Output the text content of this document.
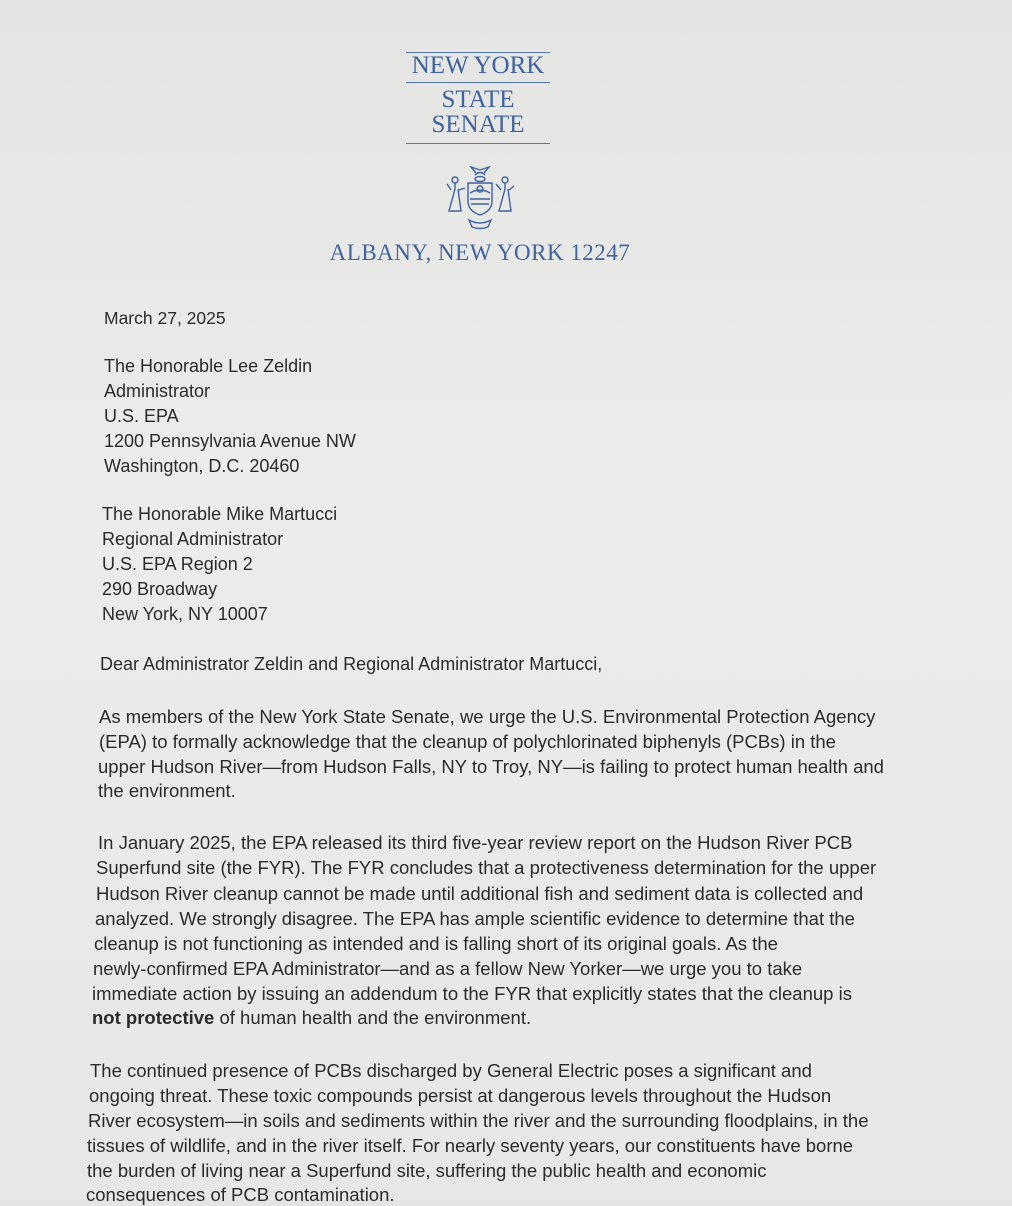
NEW YORK
STATE
SENATE
ALBANY, NEW YORK 12247
March 27, 2025
The Honorable Lee Zeldin
Administrator
U.S. EPA
1200 Pennsylvania Avenue NW
Washington, D.C. 20460
The Honorable Mike Martucci
Regional Administrator
U.S. EPA Region 2
290 Broadway
New York, NY 10007
Dear Administrator Zeldin and Regional Administrator Martucci,
As members of the New York State Senate, we urge the U.S. Environmental Protection Agency
(EPA) to formally acknowledge that the cleanup of polychlorinated biphenyls (PCBs) in the
upper Hudson River—from Hudson Falls, NY to Troy, NY—is failing to protect human health and
the environment.
In January 2025, the EPA released its third five-year review report on the Hudson River PCB
Superfund site (the FYR). The FYR concludes that a protectiveness determination for the upper
Hudson River cleanup cannot be made until additional fish and sediment data is collected and
analyzed. We strongly disagree. The EPA has ample scientific evidence to determine that the
cleanup is not functioning as intended and is falling short of its original goals. As the
newly-confirmed EPA Administrator—and as a fellow New Yorker—we urge you to take
immediate action by issuing an addendum to the FYR that explicitly states that the cleanup is
not protective of human health and the environment.
The continued presence of PCBs discharged by General Electric poses a significant and
ongoing threat. These toxic compounds persist at dangerous levels throughout the Hudson
River ecosystem—in soils and sediments within the river and the surrounding floodplains, in the
tissues of wildlife, and in the river itself. For nearly seventy years, our constituents have borne
the burden of living near a Superfund site, suffering the public health and economic
consequences of PCB contamination.
